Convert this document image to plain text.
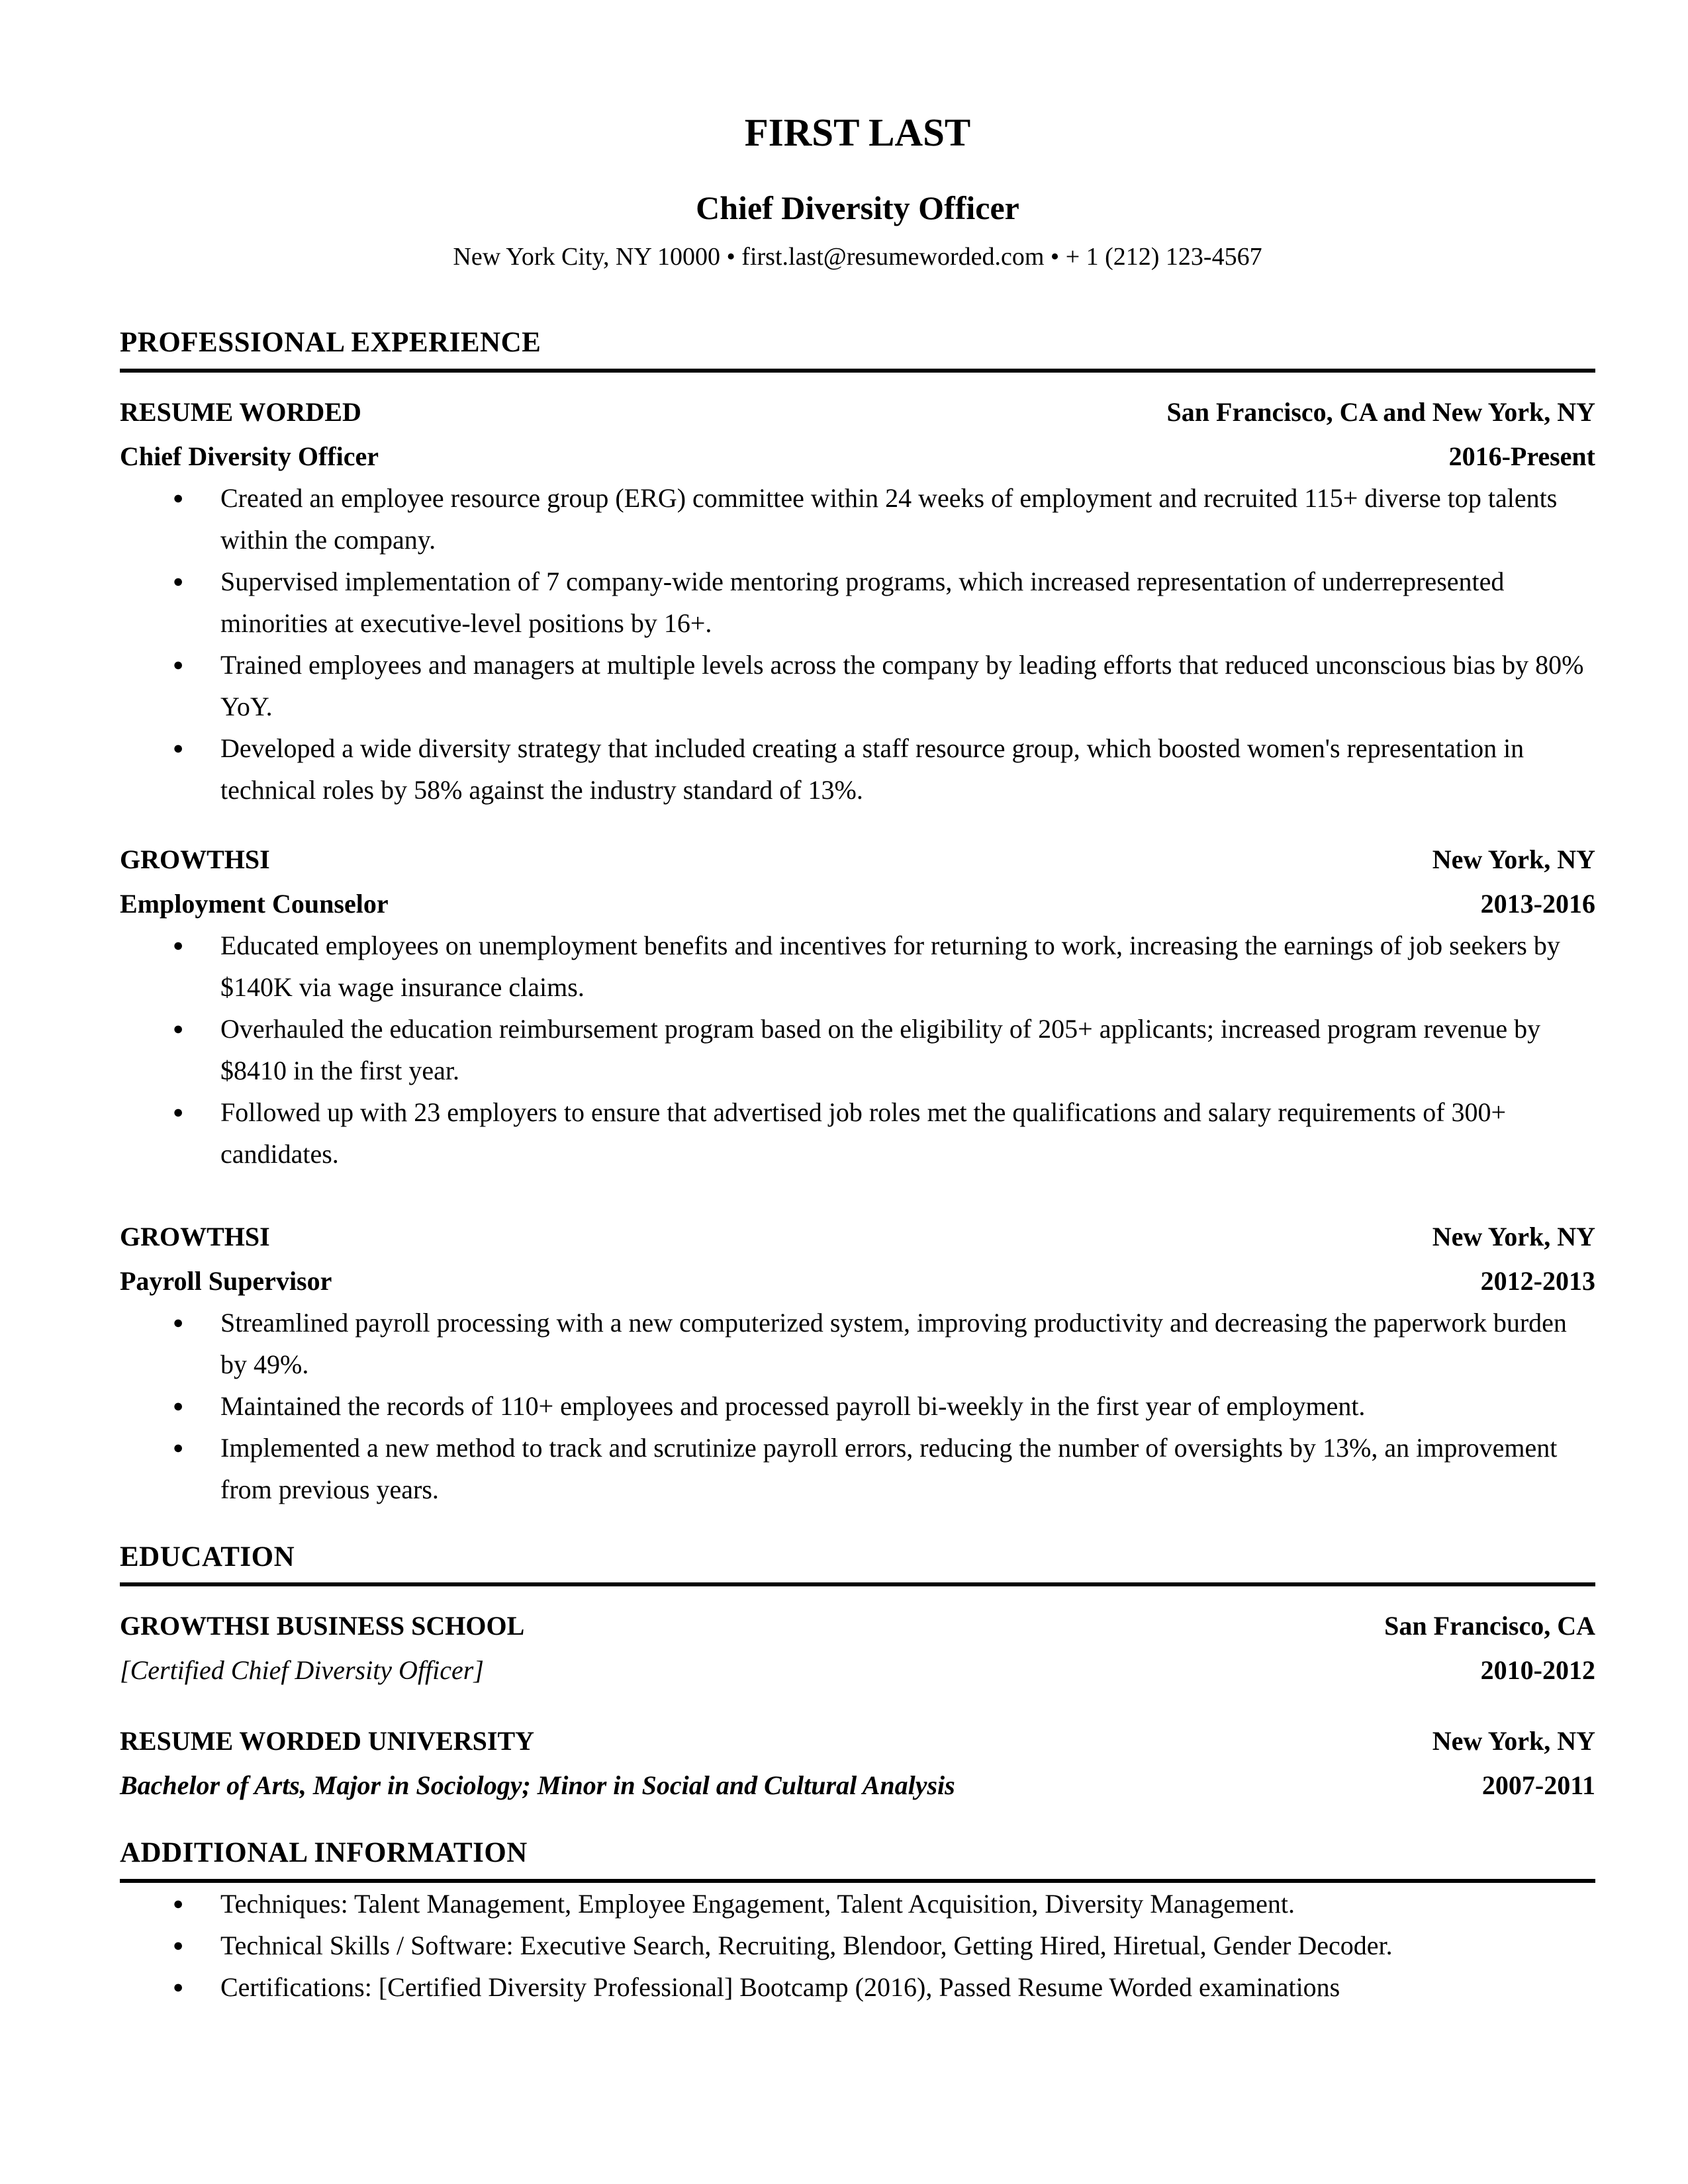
FIRST LAST
Chief Diversity Officer
New York City, NY 10000 • first.last@resumeworded.com • + 1 (212) 123-4567
PROFESSIONAL EXPERIENCE
RESUME WORDED	San Francisco, CA and New York, NY
Chief Diversity Officer	2016-Present
● Created an employee resource group (ERG) committee within 24 weeks of employment and recruited 115+ diverse top talents within the company.
● Supervised implementation of 7 company-wide mentoring programs, which increased representation of underrepresented minorities at executive-level positions by 16+.
● Trained employees and managers at multiple levels across the company by leading efforts that reduced unconscious bias by 80% YoY.
● Developed a wide diversity strategy that included creating a staff resource group, which boosted women's representation in technical roles by 58% against the industry standard of 13%.
GROWTHSI	New York, NY
Employment Counselor	2013-2016
● Educated employees on unemployment benefits and incentives for returning to work, increasing the earnings of job seekers by $140K via wage insurance claims.
● Overhauled the education reimbursement program based on the eligibility of 205+ applicants; increased program revenue by $8410 in the first year.
● Followed up with 23 employers to ensure that advertised job roles met the qualifications and salary requirements of 300+ candidates.
GROWTHSI	New York, NY
Payroll Supervisor	2012-2013
● Streamlined payroll processing with a new computerized system, improving productivity and decreasing the paperwork burden by 49%.
● Maintained the records of 110+ employees and processed payroll bi-weekly in the first year of employment.
● Implemented a new method to track and scrutinize payroll errors, reducing the number of oversights by 13%, an improvement from previous years.
EDUCATION
GROWTHSI BUSINESS SCHOOL	San Francisco, CA
[Certified Chief Diversity Officer]	2010-2012
RESUME WORDED UNIVERSITY	New York, NY
Bachelor of Arts, Major in Sociology; Minor in Social and Cultural Analysis	2007-2011
ADDITIONAL INFORMATION
● Techniques: Talent Management, Employee Engagement, Talent Acquisition, Diversity Management.
● Technical Skills / Software: Executive Search, Recruiting, Blendoor, Getting Hired, Hiretual, Gender Decoder.
● Certifications: [Certified Diversity Professional] Bootcamp (2016), Passed Resume Worded examinations
